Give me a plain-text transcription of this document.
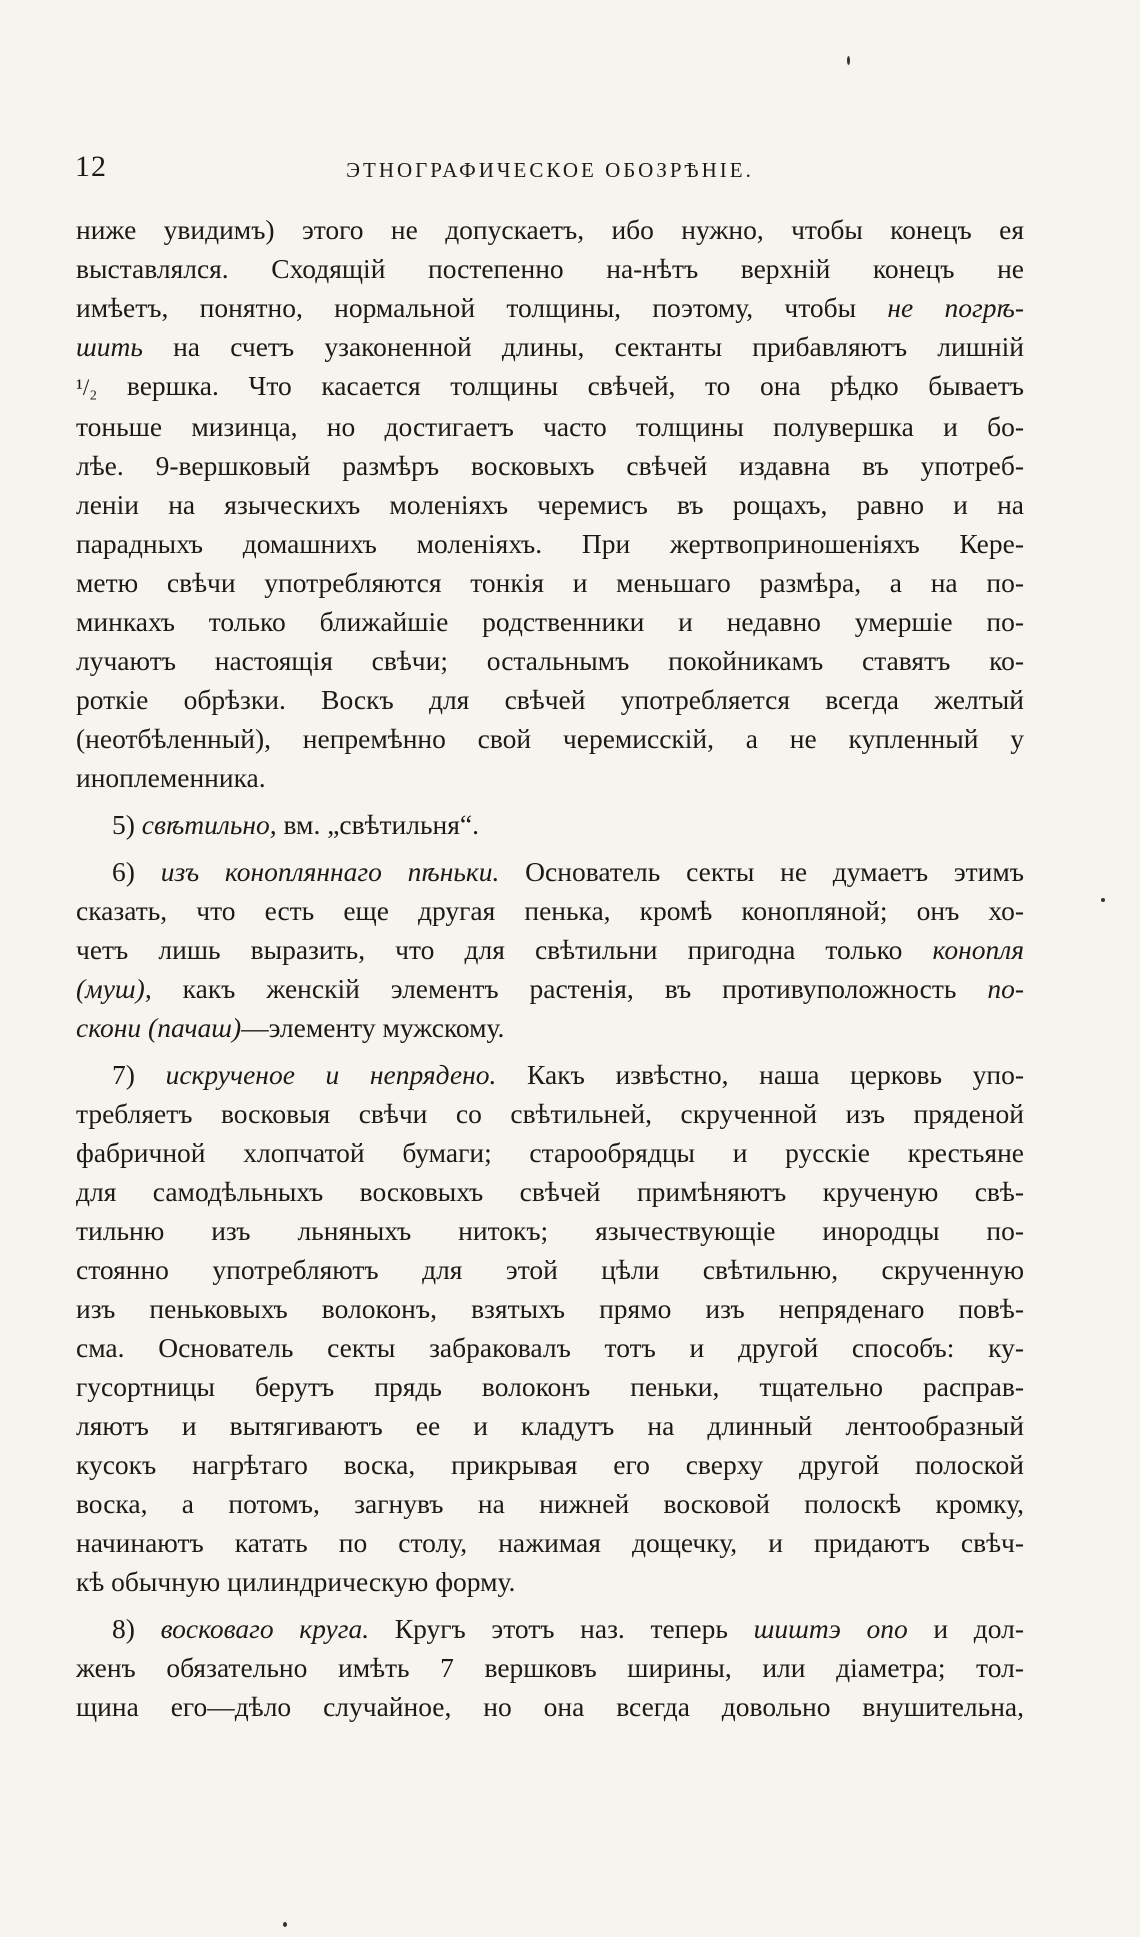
12	ЭТНОГРАФИЧЕСКОЕ ОБОЗРѢНІЕ.

ниже увидимъ) этого не допускаетъ, ибо нужно, чтобы конецъ ея

выставлялся. Сходящій постепенно на-нѣтъ верхній конецъ не

имѣетъ, понятно, нормальной толщины, поэтому, чтобы не погрѣ-

шить на счетъ узаконенной длины, сектанты прибавляютъ лишній

¹/₂ вершка. Что касается толщины свѣчей, то она рѣдко бываетъ

тоньше мизинца, но достигаетъ часто толщины полувершка и бо-

лѣе. 9-вершковый размѣръ восковыхъ свѣчей издавна въ употреб-

леніи на языческихъ моленіяхъ черемисъ въ рощахъ, равно и на

парадныхъ домашнихъ моленіяхъ. При жертвоприношеніяхъ Кере-

метю свѣчи употребляются тонкія и меньшаго размѣра, а на по-

минкахъ только ближайшіе родственники и недавно умершіе по-

лучаютъ настоящія свѣчи; остальнымъ покойникамъ ставятъ ко-

роткіе обрѣзки. Воскъ для свѣчей употребляется всегда желтый

(неотбѣленный), непремѣнно свой черемисскій, а не купленный у

иноплеменника.

5) свѣтильно, вм. „свѣтильня“.

6) изъ конопляннаго пѣньки. Основатель секты не думаетъ этимъ

сказать, что есть еще другая пенька, кромѣ конопляной; онъ хо-

четъ лишь выразить, что для свѣтильни пригодна только конопля

(муш), какъ женскій элементъ растенія, въ противуположность по-

скони (пачаш)—элементу мужскому.

7) искрученое и непрядено. Какъ извѣстно, наша церковь упо-

требляетъ восковыя свѣчи со свѣтильней, скрученной изъ пряденой

фабричной хлопчатой бумаги; старообрядцы и русскіе крестьяне

для самодѣльныхъ восковыхъ свѣчей примѣняютъ крученую свѣ-

тильню изъ льняныхъ нитокъ; язычествующіе инородцы по-

стоянно употребляютъ для этой цѣли свѣтильню, скрученную

изъ пеньковыхъ волоконъ, взятыхъ прямо изъ непряденаго повѣ-

сма. Основатель секты забраковалъ тотъ и другой способъ: ку-

гусортницы берутъ прядь волоконъ пеньки, тщательно расправ-

ляютъ и вытягиваютъ ее и кладутъ на длинный лентообразный

кусокъ нагрѣтаго воска, прикрывая его сверху другой полоской

воска, а потомъ, загнувъ на нижней восковой полоскѣ кромку,

начинаютъ катать по столу, нажимая дощечку, и придаютъ свѣч-

кѣ обычную цилиндрическую форму.

8) восковаго круга. Кругъ этотъ наз. теперь шиштэ опо и дол-

женъ обязательно имѣть 7 вершковъ ширины, или діаметра; тол-

щина его—дѣло случайное, но она всегда довольно внушительна,
